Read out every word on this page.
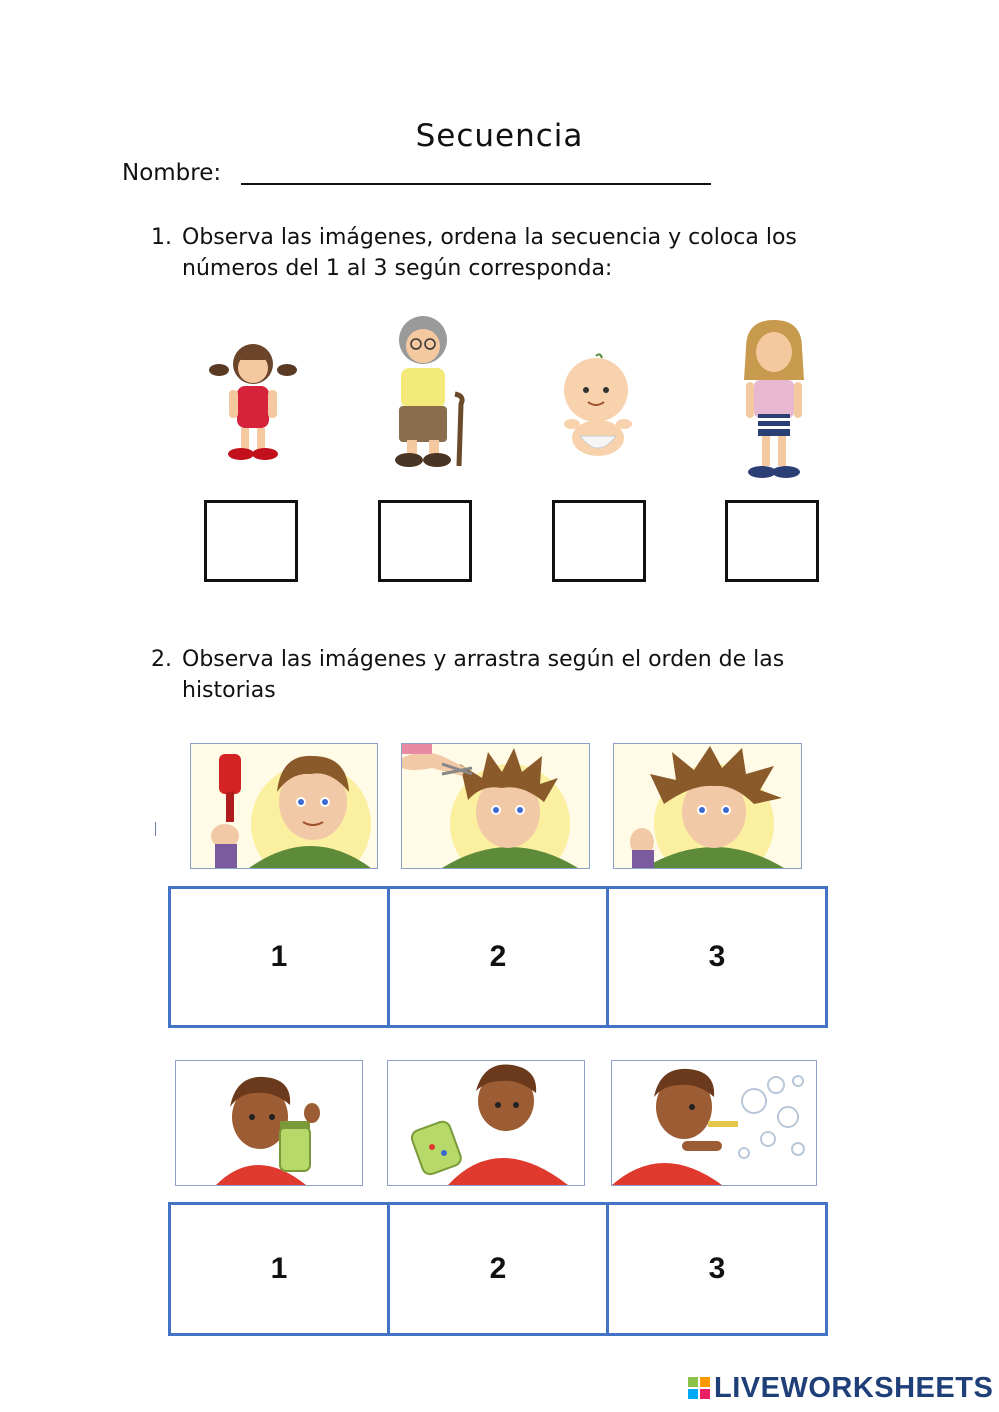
Secuencia
Nombre:
1. Observa las imágenes, ordena la secuencia y coloca los números del 1 al 3 según corresponda:
2. Observa las imágenes y arrastra según el orden de las historias
1	2	3
1	2	3
LIVEWORKSHEETS
